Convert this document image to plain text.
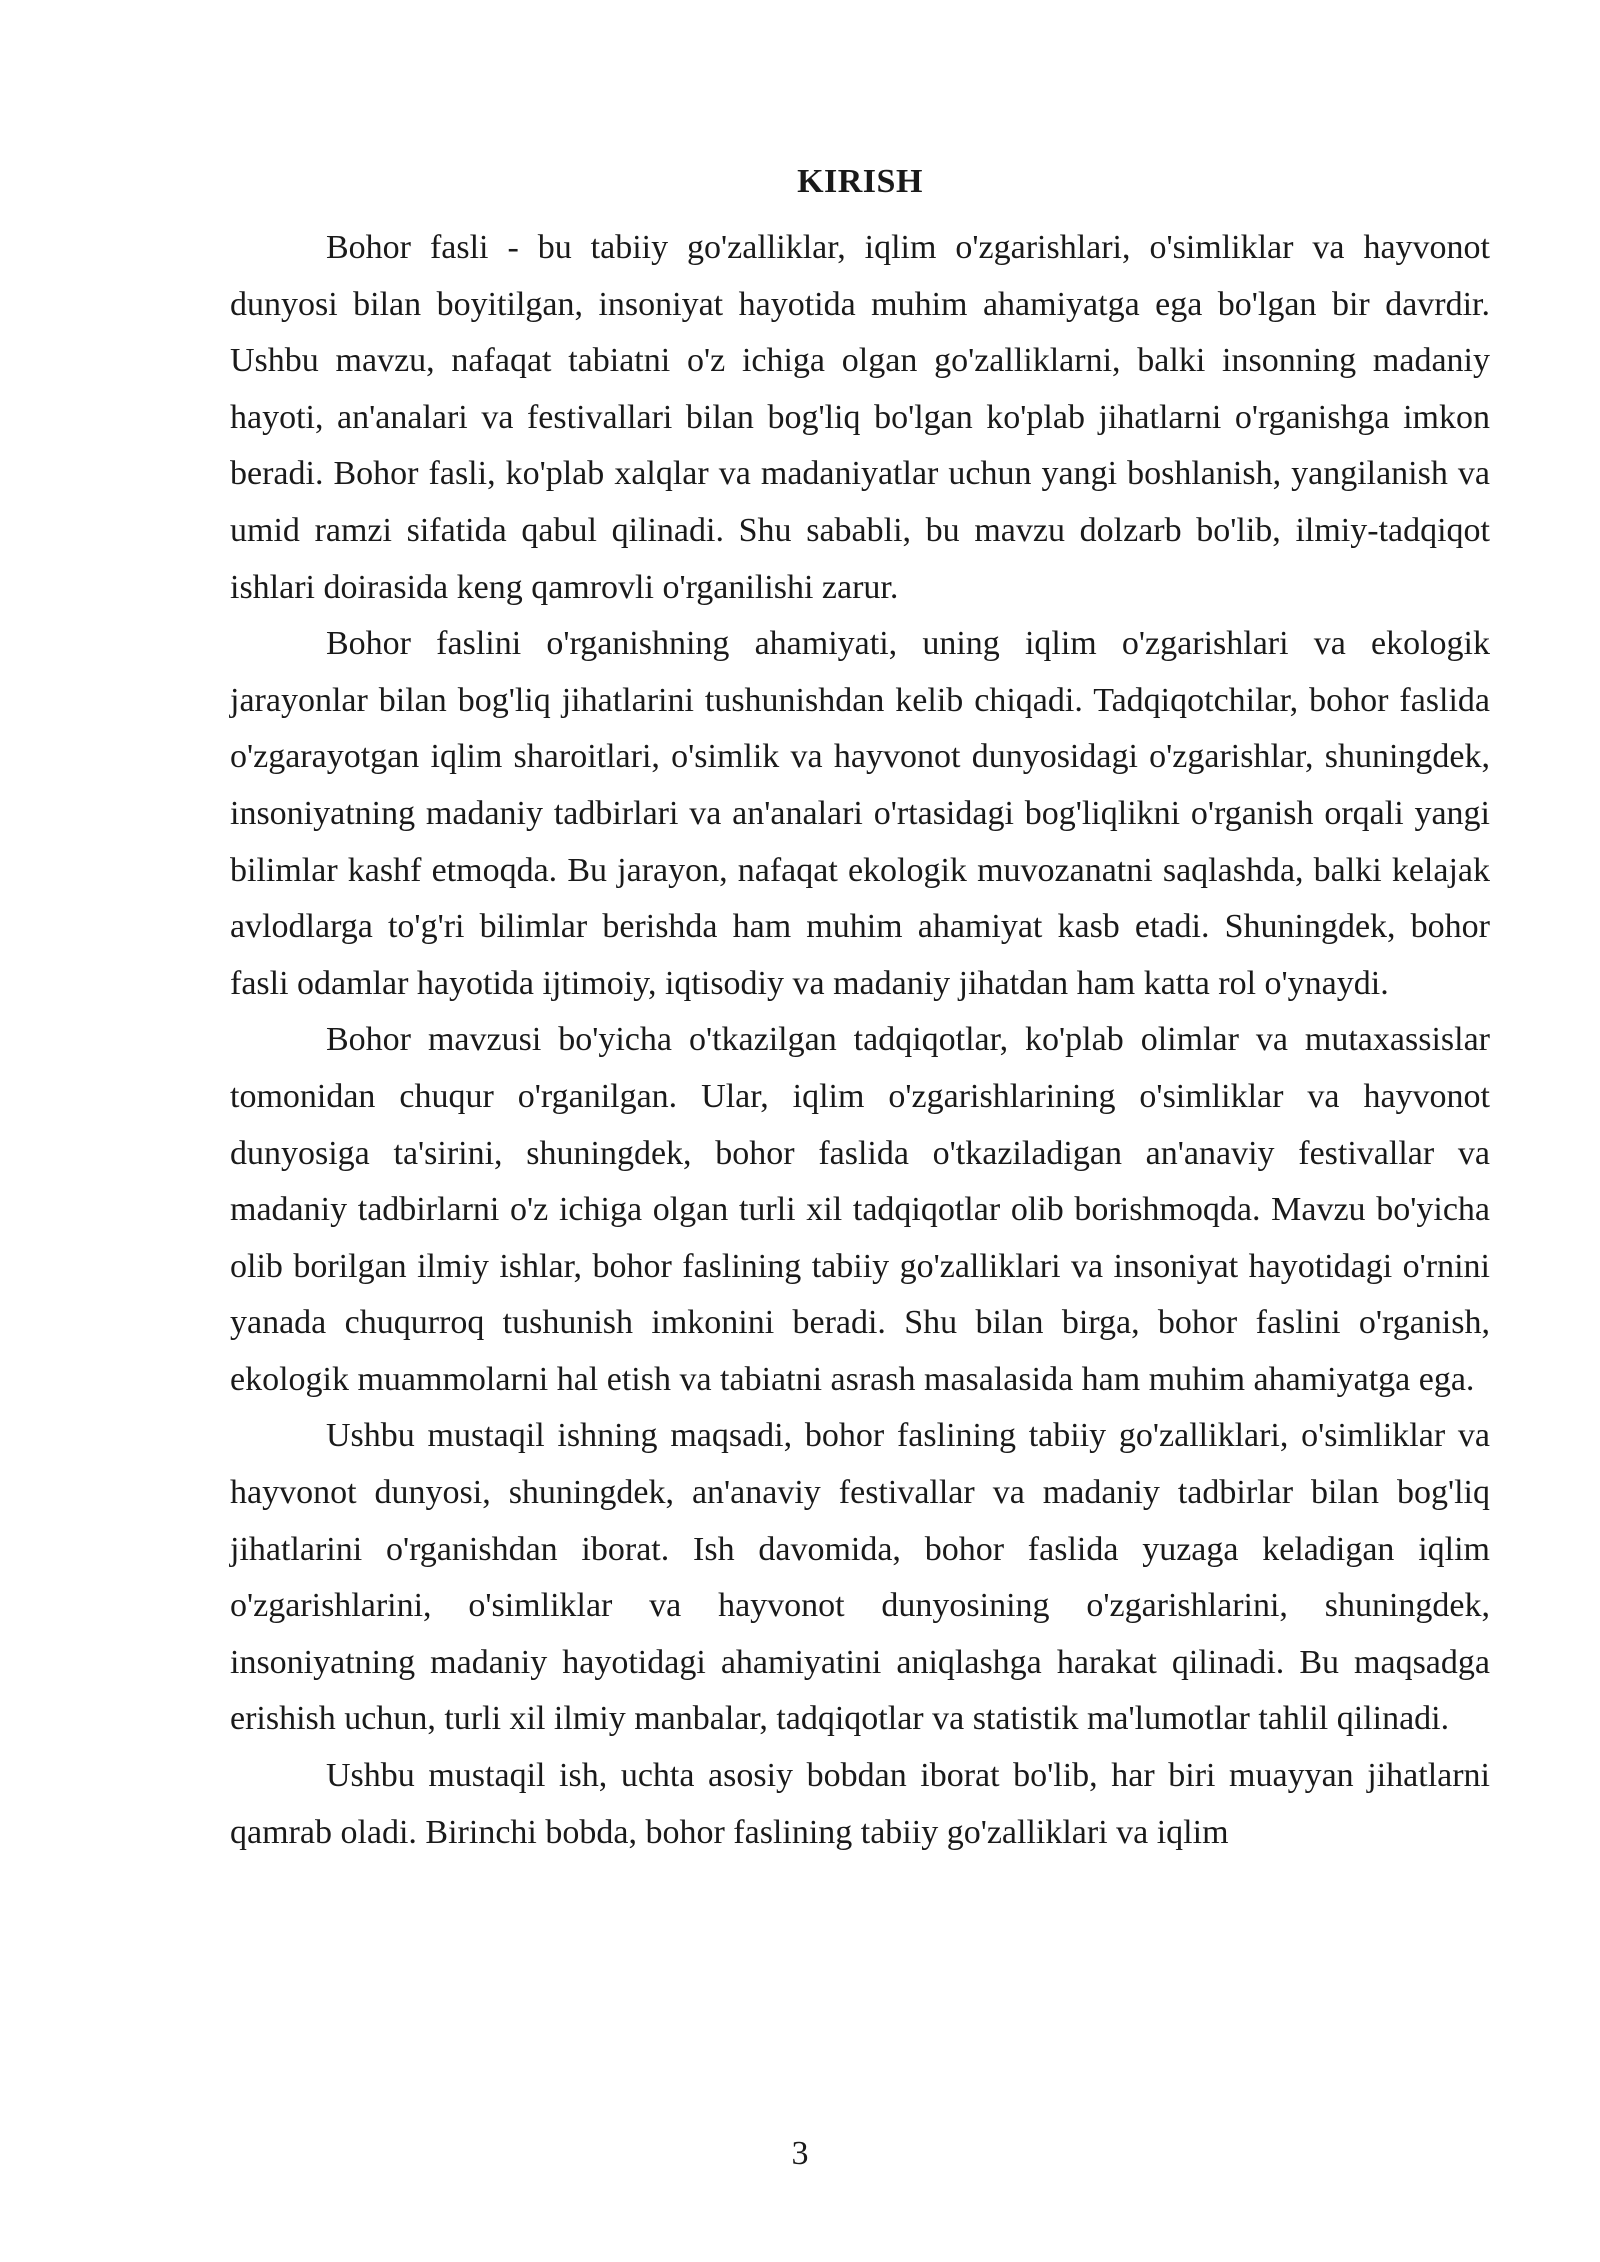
KIRISH

Bohor fasli - bu tabiiy go'zalliklar, iqlim o'zgarishlari, o'simliklar va hayvonot dunyosi bilan boyitilgan, insoniyat hayotida muhim ahamiyatga ega bo'lgan bir davrdir. Ushbu mavzu, nafaqat tabiatni o'z ichiga olgan go'zalliklarni, balki insonning madaniy hayoti, an'analari va festivallari bilan bog'liq bo'lgan ko'plab jihatlarni o'rganishga imkon beradi. Bohor fasli, ko'plab xalqlar va madaniyatlar uchun yangi boshlanish, yangilanish va umid ramzi sifatida qabul qilinadi. Shu sababli, bu mavzu dolzarb bo'lib, ilmiy-tadqiqot ishlari doirasida keng qamrovli o'rganilishi zarur.

Bohor faslini o'rganishning ahamiyati, uning iqlim o'zgarishlari va ekologik jarayonlar bilan bog'liq jihatlarini tushunishdan kelib chiqadi. Tadqiqotchilar, bohor faslida o'zgarayotgan iqlim sharoitlari, o'simlik va hayvonot dunyosidagi o'zgarishlar, shuningdek, insoniyatning madaniy tadbirlari va an'analari o'rtasidagi bog'liqlikni o'rganish orqali yangi bilimlar kashf etmoqda. Bu jarayon, nafaqat ekologik muvozanatni saqlashda, balki kelajak avlodlarga to'g'ri bilimlar berishda ham muhim ahamiyat kasb etadi. Shuningdek, bohor fasli odamlar hayotida ijtimoiy, iqtisodiy va madaniy jihatdan ham katta rol o'ynaydi.

Bohor mavzusi bo'yicha o'tkazilgan tadqiqotlar, ko'plab olimlar va mutaxassislar tomonidan chuqur o'rganilgan. Ular, iqlim o'zgarishlarining o'simliklar va hayvonot dunyosiga ta'sirini, shuningdek, bohor faslida o'tkaziladigan an'anaviy festivallar va madaniy tadbirlarni o'z ichiga olgan turli xil tadqiqotlar olib borishmoqda. Mavzu bo'yicha olib borilgan ilmiy ishlar, bohor faslining tabiiy go'zalliklari va insoniyat hayotidagi o'rnini yanada chuqurroq tushunish imkonini beradi. Shu bilan birga, bohor faslini o'rganish, ekologik muammolarni hal etish va tabiatni asrash masalasida ham muhim ahamiyatga ega.

Ushbu mustaqil ishning maqsadi, bohor faslining tabiiy go'zalliklari, o'simliklar va hayvonot dunyosi, shuningdek, an'anaviy festivallar va madaniy tadbirlar bilan bog'liq jihatlarini o'rganishdan iborat. Ish davomida, bohor faslida yuzaga keladigan iqlim o'zgarishlarini, o'simliklar va hayvonot dunyosining o'zgarishlarini, shuningdek, insoniyatning madaniy hayotidagi ahamiyatini aniqlashga harakat qilinadi. Bu maqsadga erishish uchun, turli xil ilmiy manbalar, tadqiqotlar va statistik ma'lumotlar tahlil qilinadi.

Ushbu mustaqil ish, uchta asosiy bobdan iborat bo'lib, har biri muayyan jihatlarni qamrab oladi. Birinchi bobda, bohor faslining tabiiy go'zalliklari va iqlim

3
